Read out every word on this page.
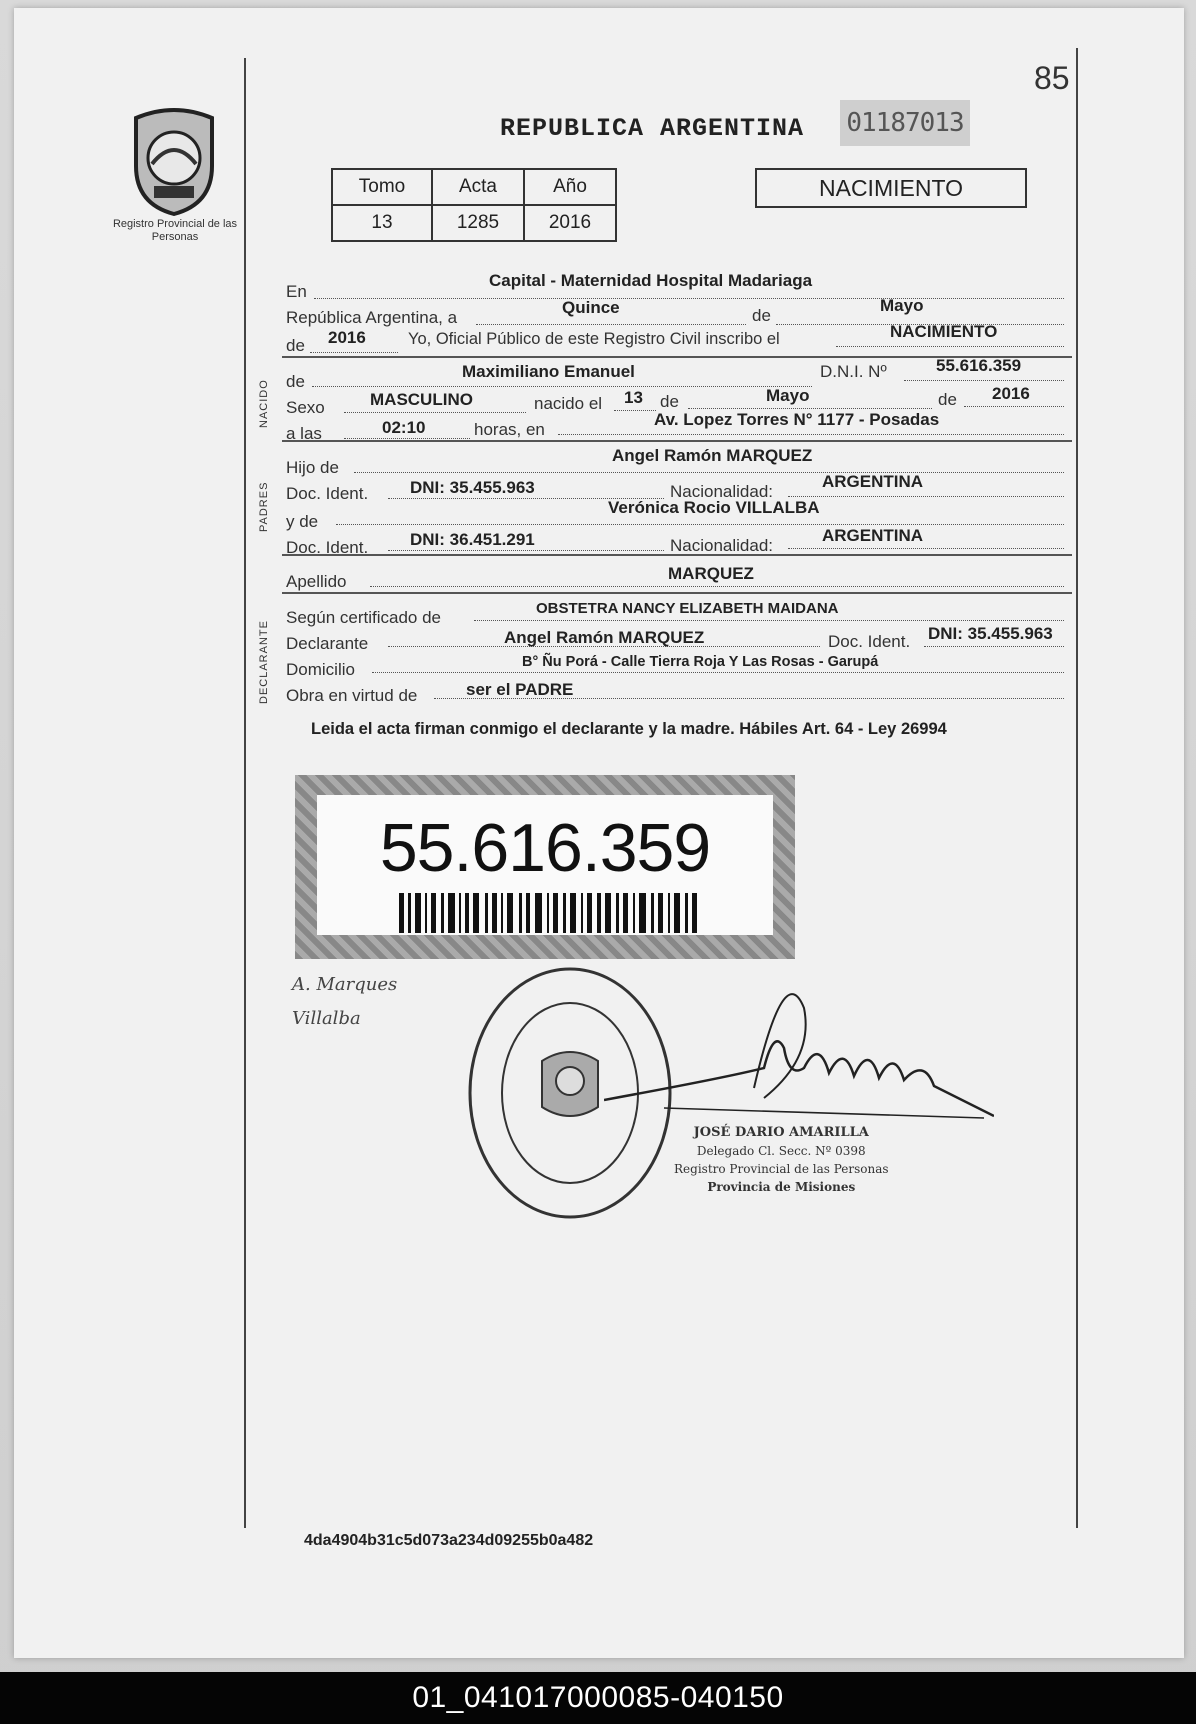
85
Registro Provincial de las Personas
REPUBLICA ARGENTINA 01187013
Tomo	Acta	Año
13	1285	2016
NACIMIENTO
En
Capital - Maternidad Hospital Madariaga
República Argentina, a
Quince	de
Mayo
de 2016	Yo, Oficial Público de este Registro Civil inscribo el	NACIMIENTO
NACIDO de
Maximiliano Emanuel	D.N.I. Nº	55.616.359
Sexo	MASCULINO	nacido el 13 de	Mayo	de 2016
a las	02:10	horas, en
Av. Lopez Torres N° 1177 - Posadas
PADRES
Hijo de
Angel Ramón MARQUEZ
Doc. Ident. DNI: 35.455.963	Nacionalidad:
ARGENTINA
y de
Verónica Rocio VILLALBA
Doc. Ident. DNI: 36.451.291	Nacionalidad:
ARGENTINA
Apellido	MARQUEZ
DECLARANTE
Según certificado de	OBSTETRA NANCY ELIZABETH MAIDANA
Declarante	Angel Ramón MARQUEZ	Doc. Ident. DNI: 35.455.963
Domicilio	B° Ñu Porá - Calle Tierra Roja Y Las Rosas - Garupá
Obra en virtud de	ser el PADRE
Leida el acta firman conmigo el declarante y la madre. Hábiles Art. 64 - Ley 26994
55.616.359
A. Marques
Villalba
JOSÉ DARIO AMARILLA
Delegado Cl. Secc. Nº 0398
Registro Provincial de las Personas
Provincia de Misiones
4da4904b31c5d073a234d09255b0a482
01_041017000085-040150
